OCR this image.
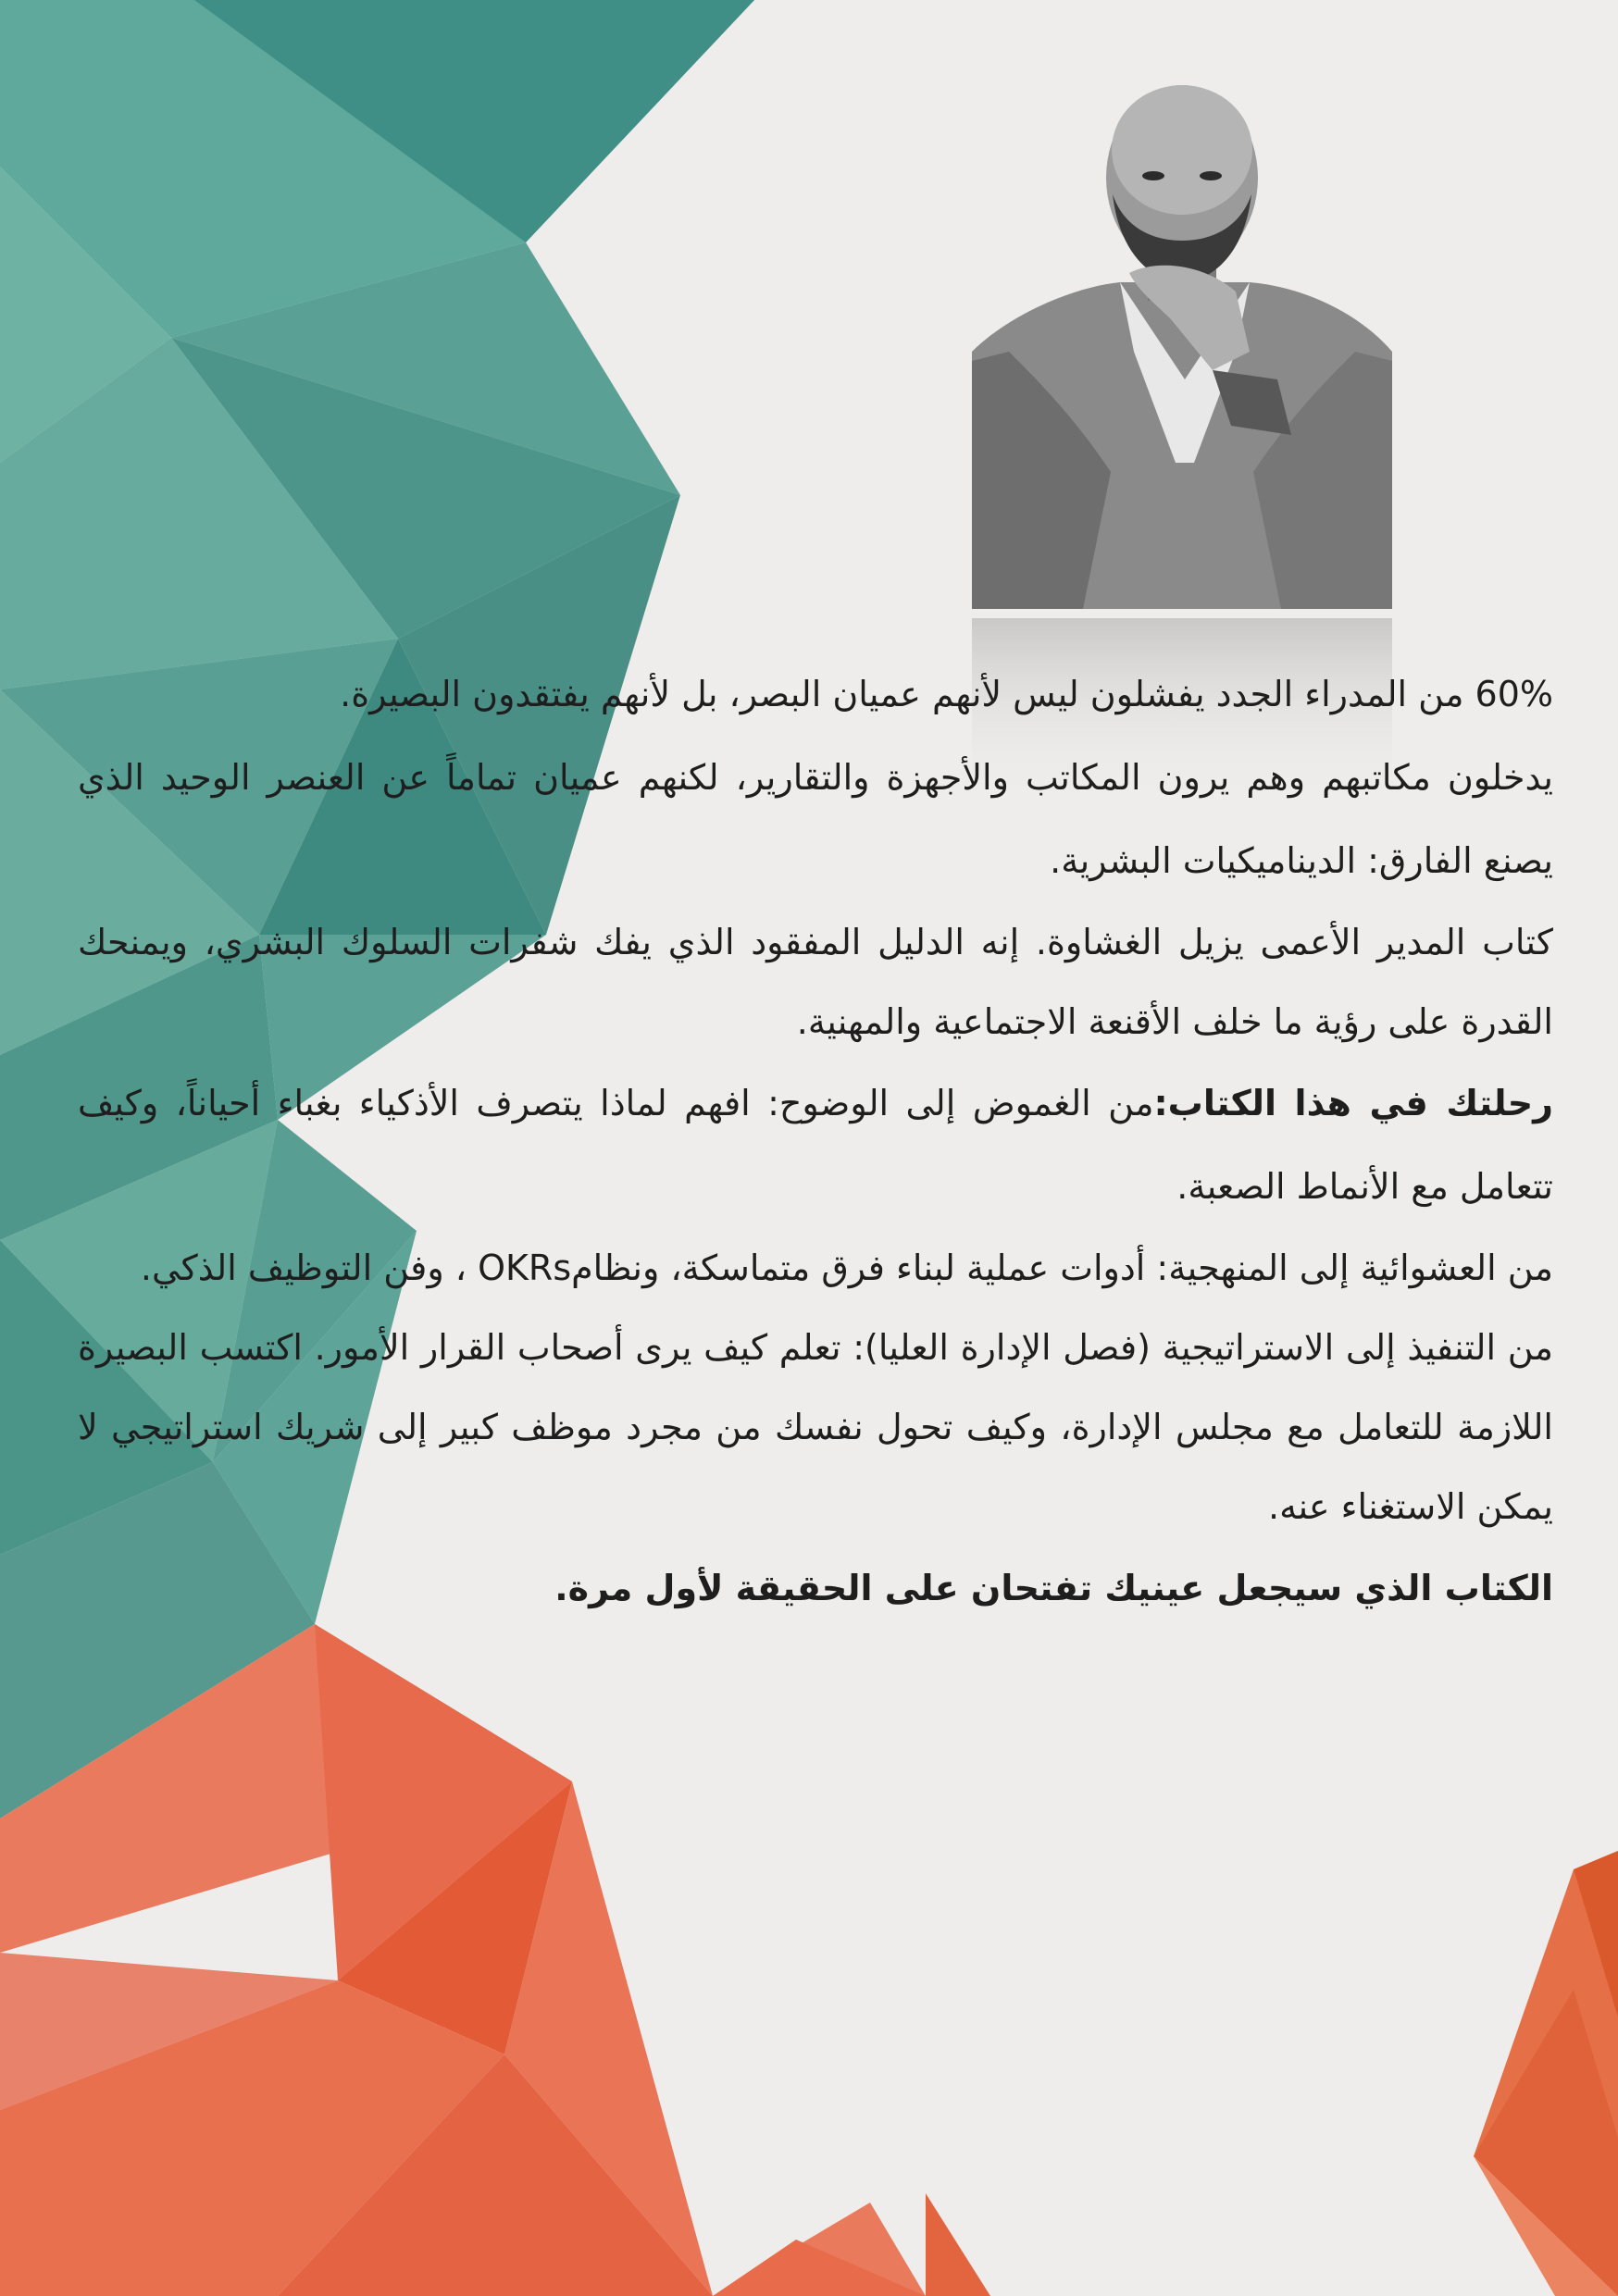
60% من المدراء الجدد يفشلون ليس لأنهم عميان البصر، بل لأنهم يفتقدون البصيرة.

يدخلون مكاتبهم وهم يرون المكاتب والأجهزة والتقارير، لكنهم عميان تماماً عن العنصر الوحيد الذي يصنع الفارق: الديناميكيات البشرية.

كتاب المدير الأعمى يزيل الغشاوة. إنه الدليل المفقود الذي يفك شفرات السلوك البشري، ويمنحك القدرة على رؤية ما خلف الأقنعة الاجتماعية والمهنية.

رحلتك في هذا الكتاب:من الغموض إلى الوضوح: افهم لماذا يتصرف الأذكياء بغباء أحياناً، وكيف تتعامل مع الأنماط الصعبة.

من العشوائية إلى المنهجية: أدوات عملية لبناء فرق متماسكة، ونظامOKRs ، وفن التوظيف الذكي.

من التنفيذ إلى الاستراتيجية (فصل الإدارة العليا): تعلم كيف يرى أصحاب القرار الأمور. اكتسب البصيرة اللازمة للتعامل مع مجلس الإدارة، وكيف تحول نفسك من مجرد موظف كبير إلى شريك استراتيجي لا يمكن الاستغناء عنه.

الكتاب الذي سيجعل عينيك تفتحان على الحقيقة لأول مرة.
